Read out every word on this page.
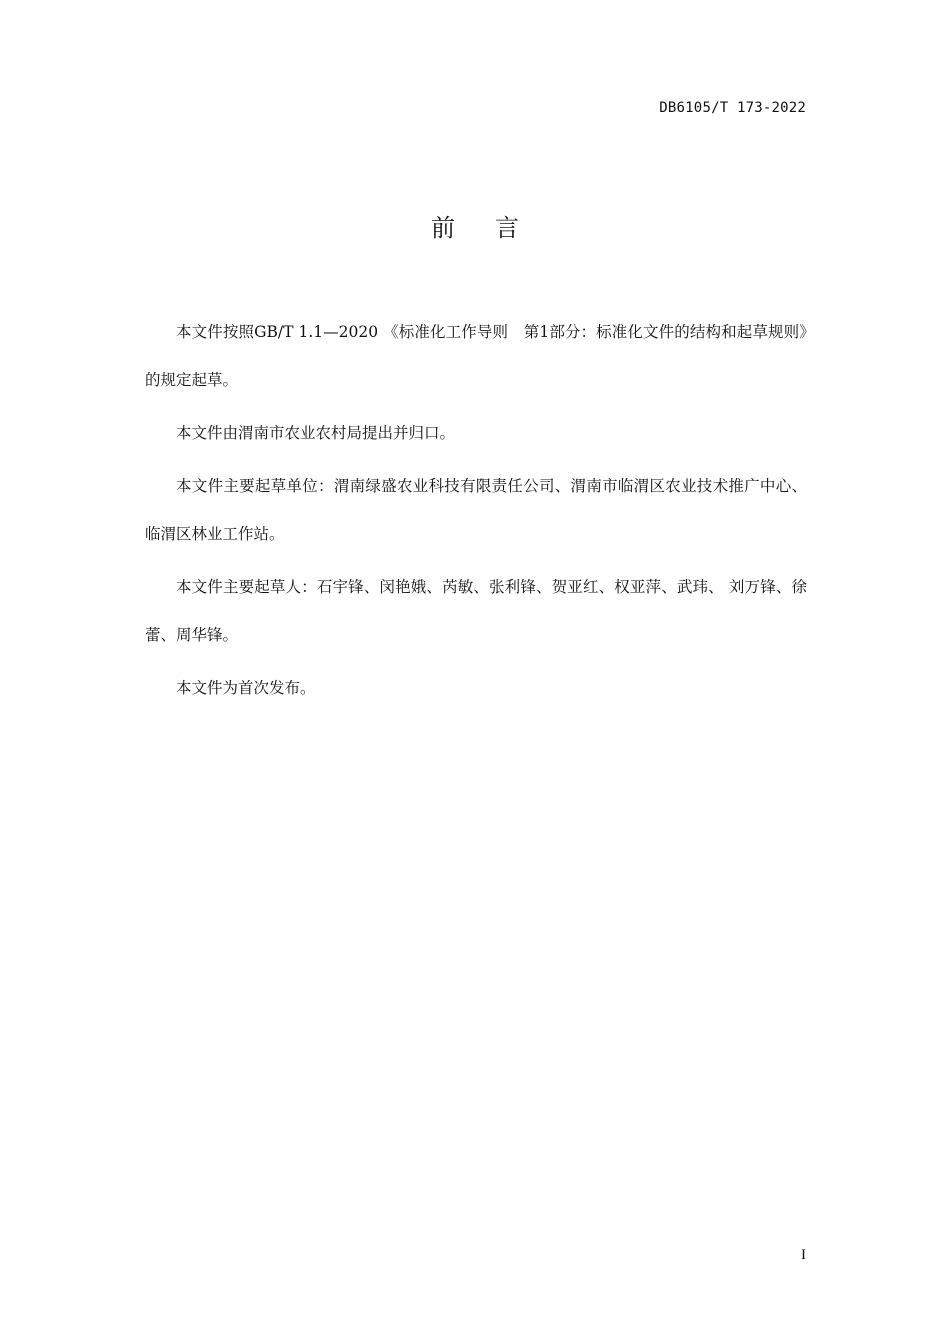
DB6105/T 173-2022
前言

本文件按照GB/T 1.1—2020 《标准化工作导则　第1部分：标准化文件的结构和起草规则》的规定起草。

本文件由渭南市农业农村局提出并归口。

本文件主要起草单位：渭南绿盛农业科技有限责任公司、渭南市临渭区农业技术推广中心、临渭区林业工作站。

本文件主要起草人：石宇锋、闵艳娥、芮敏、张利锋、贺亚红、权亚萍、武玮、 刘万锋、徐蕾、周华锋。

本文件为首次发布。

I
